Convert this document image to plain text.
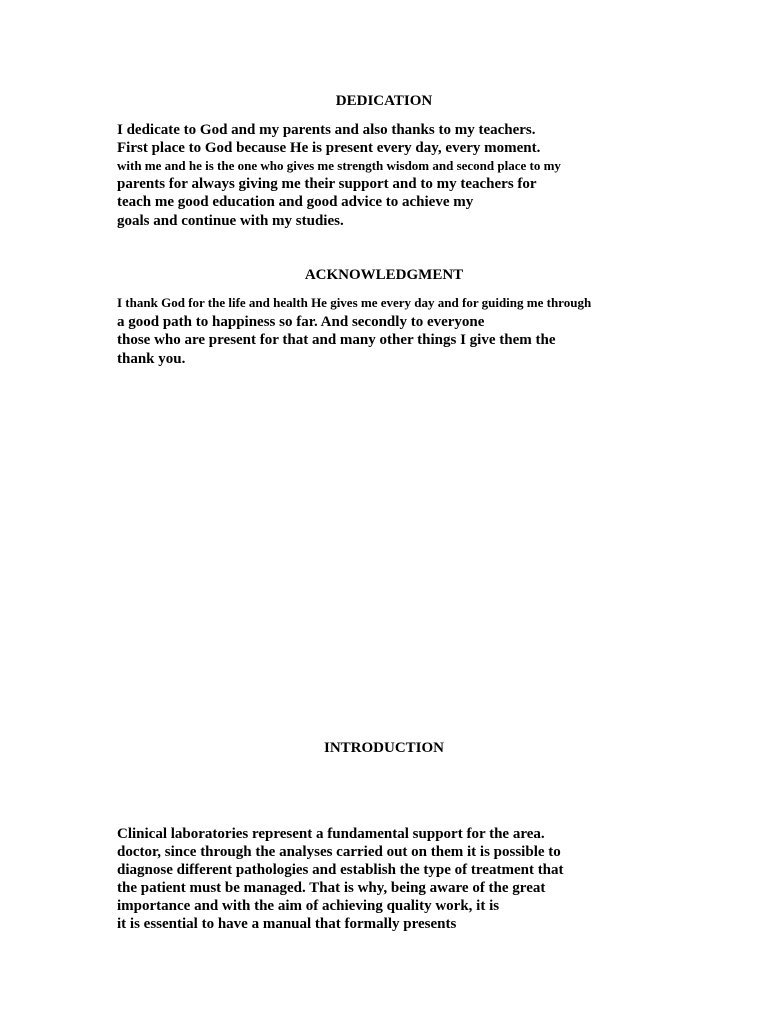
DEDICATION

I dedicate to God and my parents and also thanks to my teachers.

First place to God because He is present every day, every moment.

with me and he is the one who gives me strength wisdom and second place to my

parents for always giving me their support and to my teachers for

teach me good education and good advice to achieve my

goals and continue with my studies.

ACKNOWLEDGMENT

I thank God for the life and health He gives me every day and for guiding me through

a good path to happiness so far. And secondly to everyone

those who are present for that and many other things I give them the

thank you.

INTRODUCTION

Clinical laboratories represent a fundamental support for the area.

doctor, since through the analyses carried out on them it is possible to

diagnose different pathologies and establish the type of treatment that

the patient must be managed. That is why, being aware of the great

importance and with the aim of achieving quality work, it is

it is essential to have a manual that formally presents
